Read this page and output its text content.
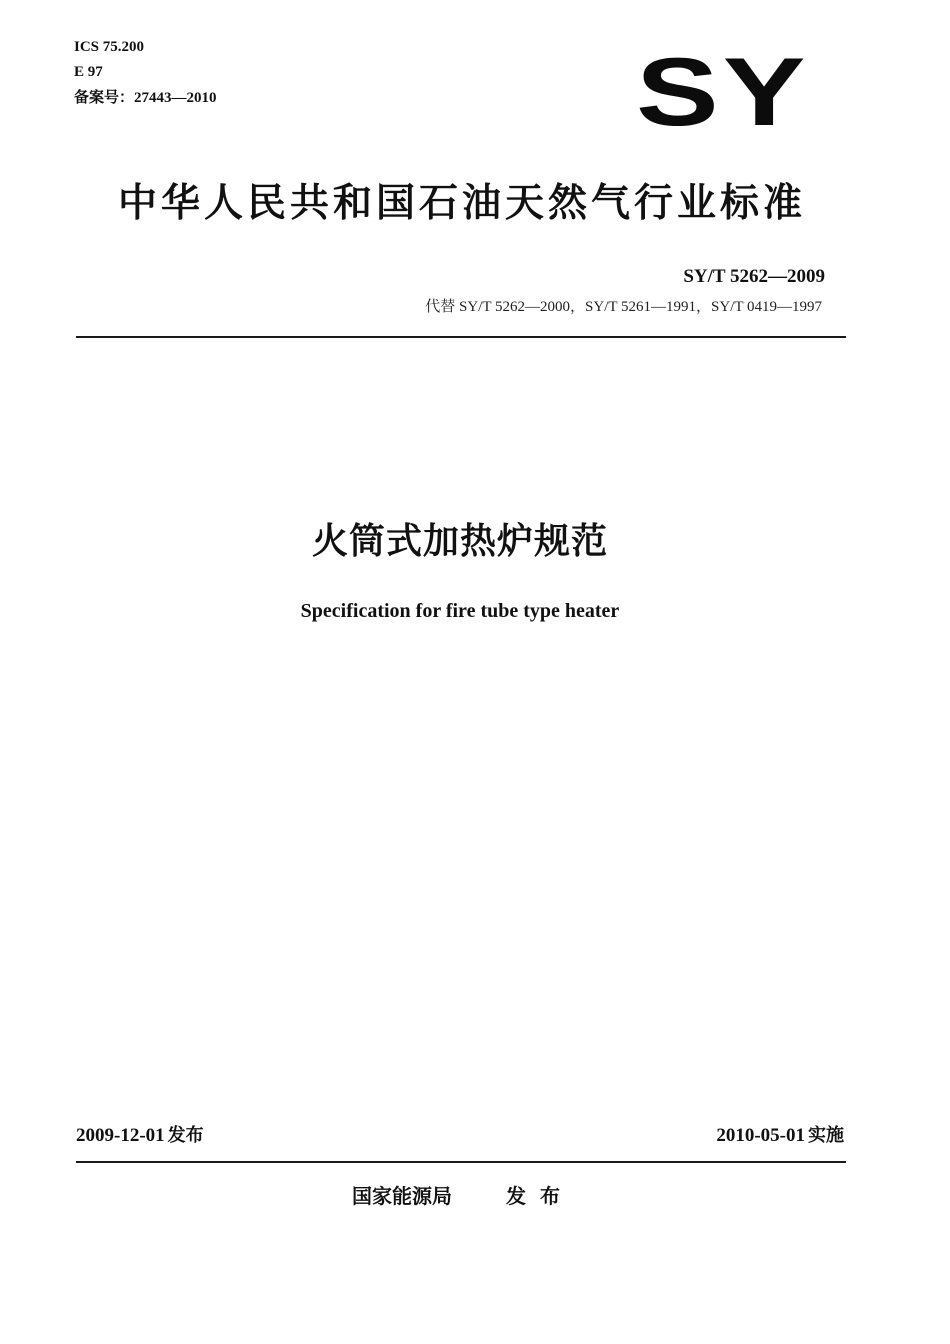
ICS 75.200
E 97
备案号：27443—2010	SY
中华人民共和国石油天然气行业标准
SY/T 5262—2009
代替 SY/T 5262—2000，SY/T 5261—1991，SY/T 0419—1997
火筒式加热炉规范
Specification for fire tube type heater
2009-12-01 发布	2010-05-01 实施
国家能源局	发布
